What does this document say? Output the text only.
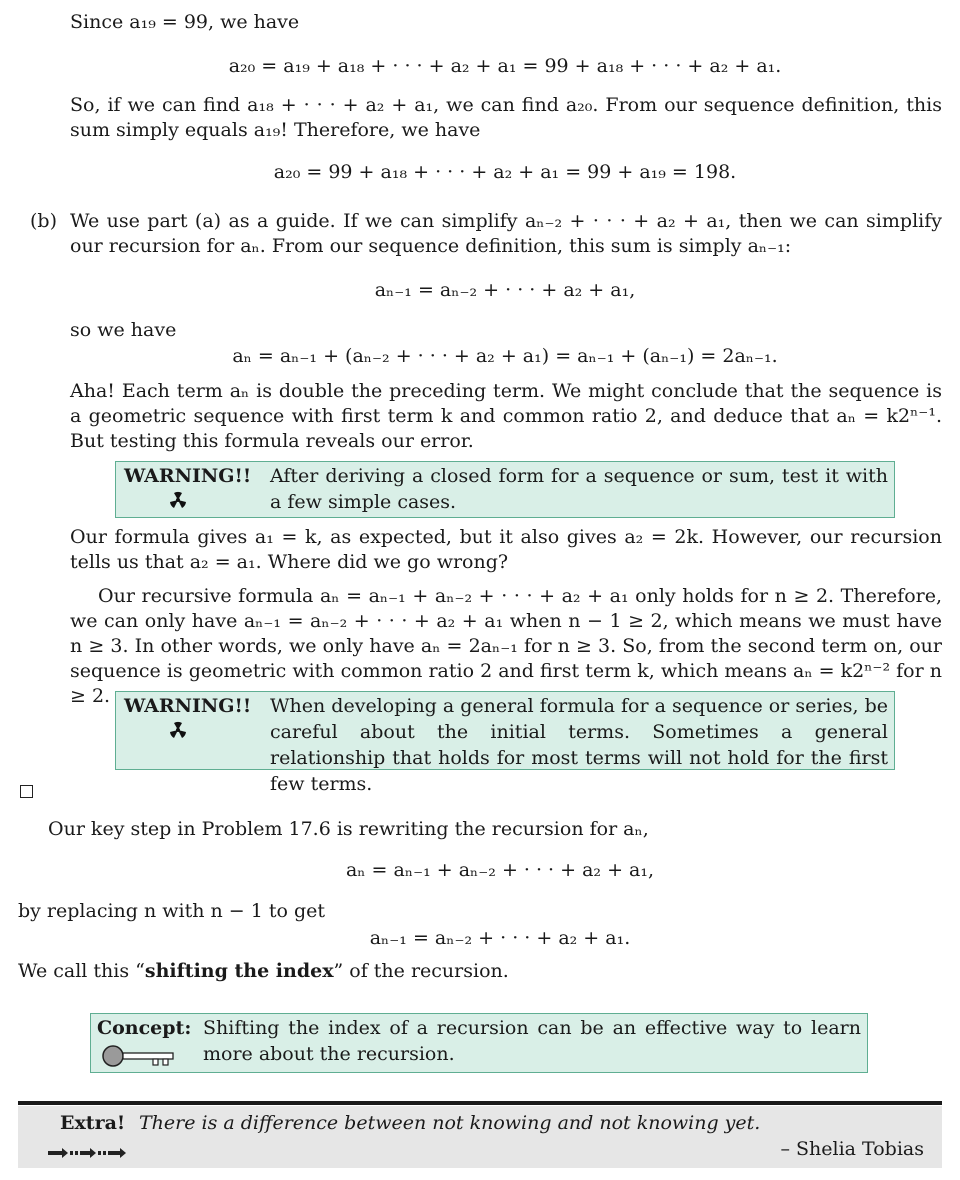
Since a₁₉ = 99, we have
a₂₀ = a₁₉ + a₁₈ + · · · + a₂ + a₁ = 99 + a₁₈ + · · · + a₂ + a₁.
So, if we can find a₁₈ + · · · + a₂ + a₁, we can find a₂₀. From our sequence definition, this sum simply equals a₁₉! Therefore, we have
a₂₀ = 99 + a₁₈ + · · · + a₂ + a₁ = 99 + a₁₉ = 198.
(b) We use part (a) as a guide. If we can simplify aₙ₋₂ + · · · + a₂ + a₁, then we can simplify our recursion for aₙ. From our sequence definition, this sum is simply aₙ₋₁:
aₙ₋₁ = aₙ₋₂ + · · · + a₂ + a₁,
so we have
aₙ = aₙ₋₁ + (aₙ₋₂ + · · · + a₂ + a₁) = aₙ₋₁ + (aₙ₋₁) = 2aₙ₋₁.
Aha! Each term aₙ is double the preceding term. We might conclude that the sequence is a geometric sequence with first term k and common ratio 2, and deduce that aₙ = k2ⁿ⁻¹. But testing this formula reveals our error.
WARNING!! After deriving a closed form for a sequence or sum, test it with a few simple cases.
Our formula gives a₁ = k, as expected, but it also gives a₂ = 2k. However, our recursion tells us that a₂ = a₁. Where did we go wrong?
Our recursive formula aₙ = aₙ₋₁ + aₙ₋₂ + · · · + a₂ + a₁ only holds for n ≥ 2. Therefore, we can only have aₙ₋₁ = aₙ₋₂ + · · · + a₂ + a₁ when n − 1 ≥ 2, which means we must have n ≥ 3. In other words, we only have aₙ = 2aₙ₋₁ for n ≥ 3. So, from the second term on, our sequence is geometric with common ratio 2 and first term k, which means aₙ = k2ⁿ⁻² for n ≥ 2. WARNING!! When developing a general formula for a sequence or series, be careful about the initial terms. Sometimes a general relationship that holds for most terms will not hold for the first few terms.
Our key step in Problem 17.6 is rewriting the recursion for aₙ,
aₙ = aₙ₋₁ + aₙ₋₂ + · · · + a₂ + a₁,
by replacing n with n − 1 to get
aₙ₋₁ = aₙ₋₂ + · · · + a₂ + a₁.
We call this “shifting the index” of the recursion.
Concept: Shifting the index of a recursion can be an effective way to learn more about the recursion.
Extra! There is a difference between not knowing and not knowing yet.
– Shelia Tobias
